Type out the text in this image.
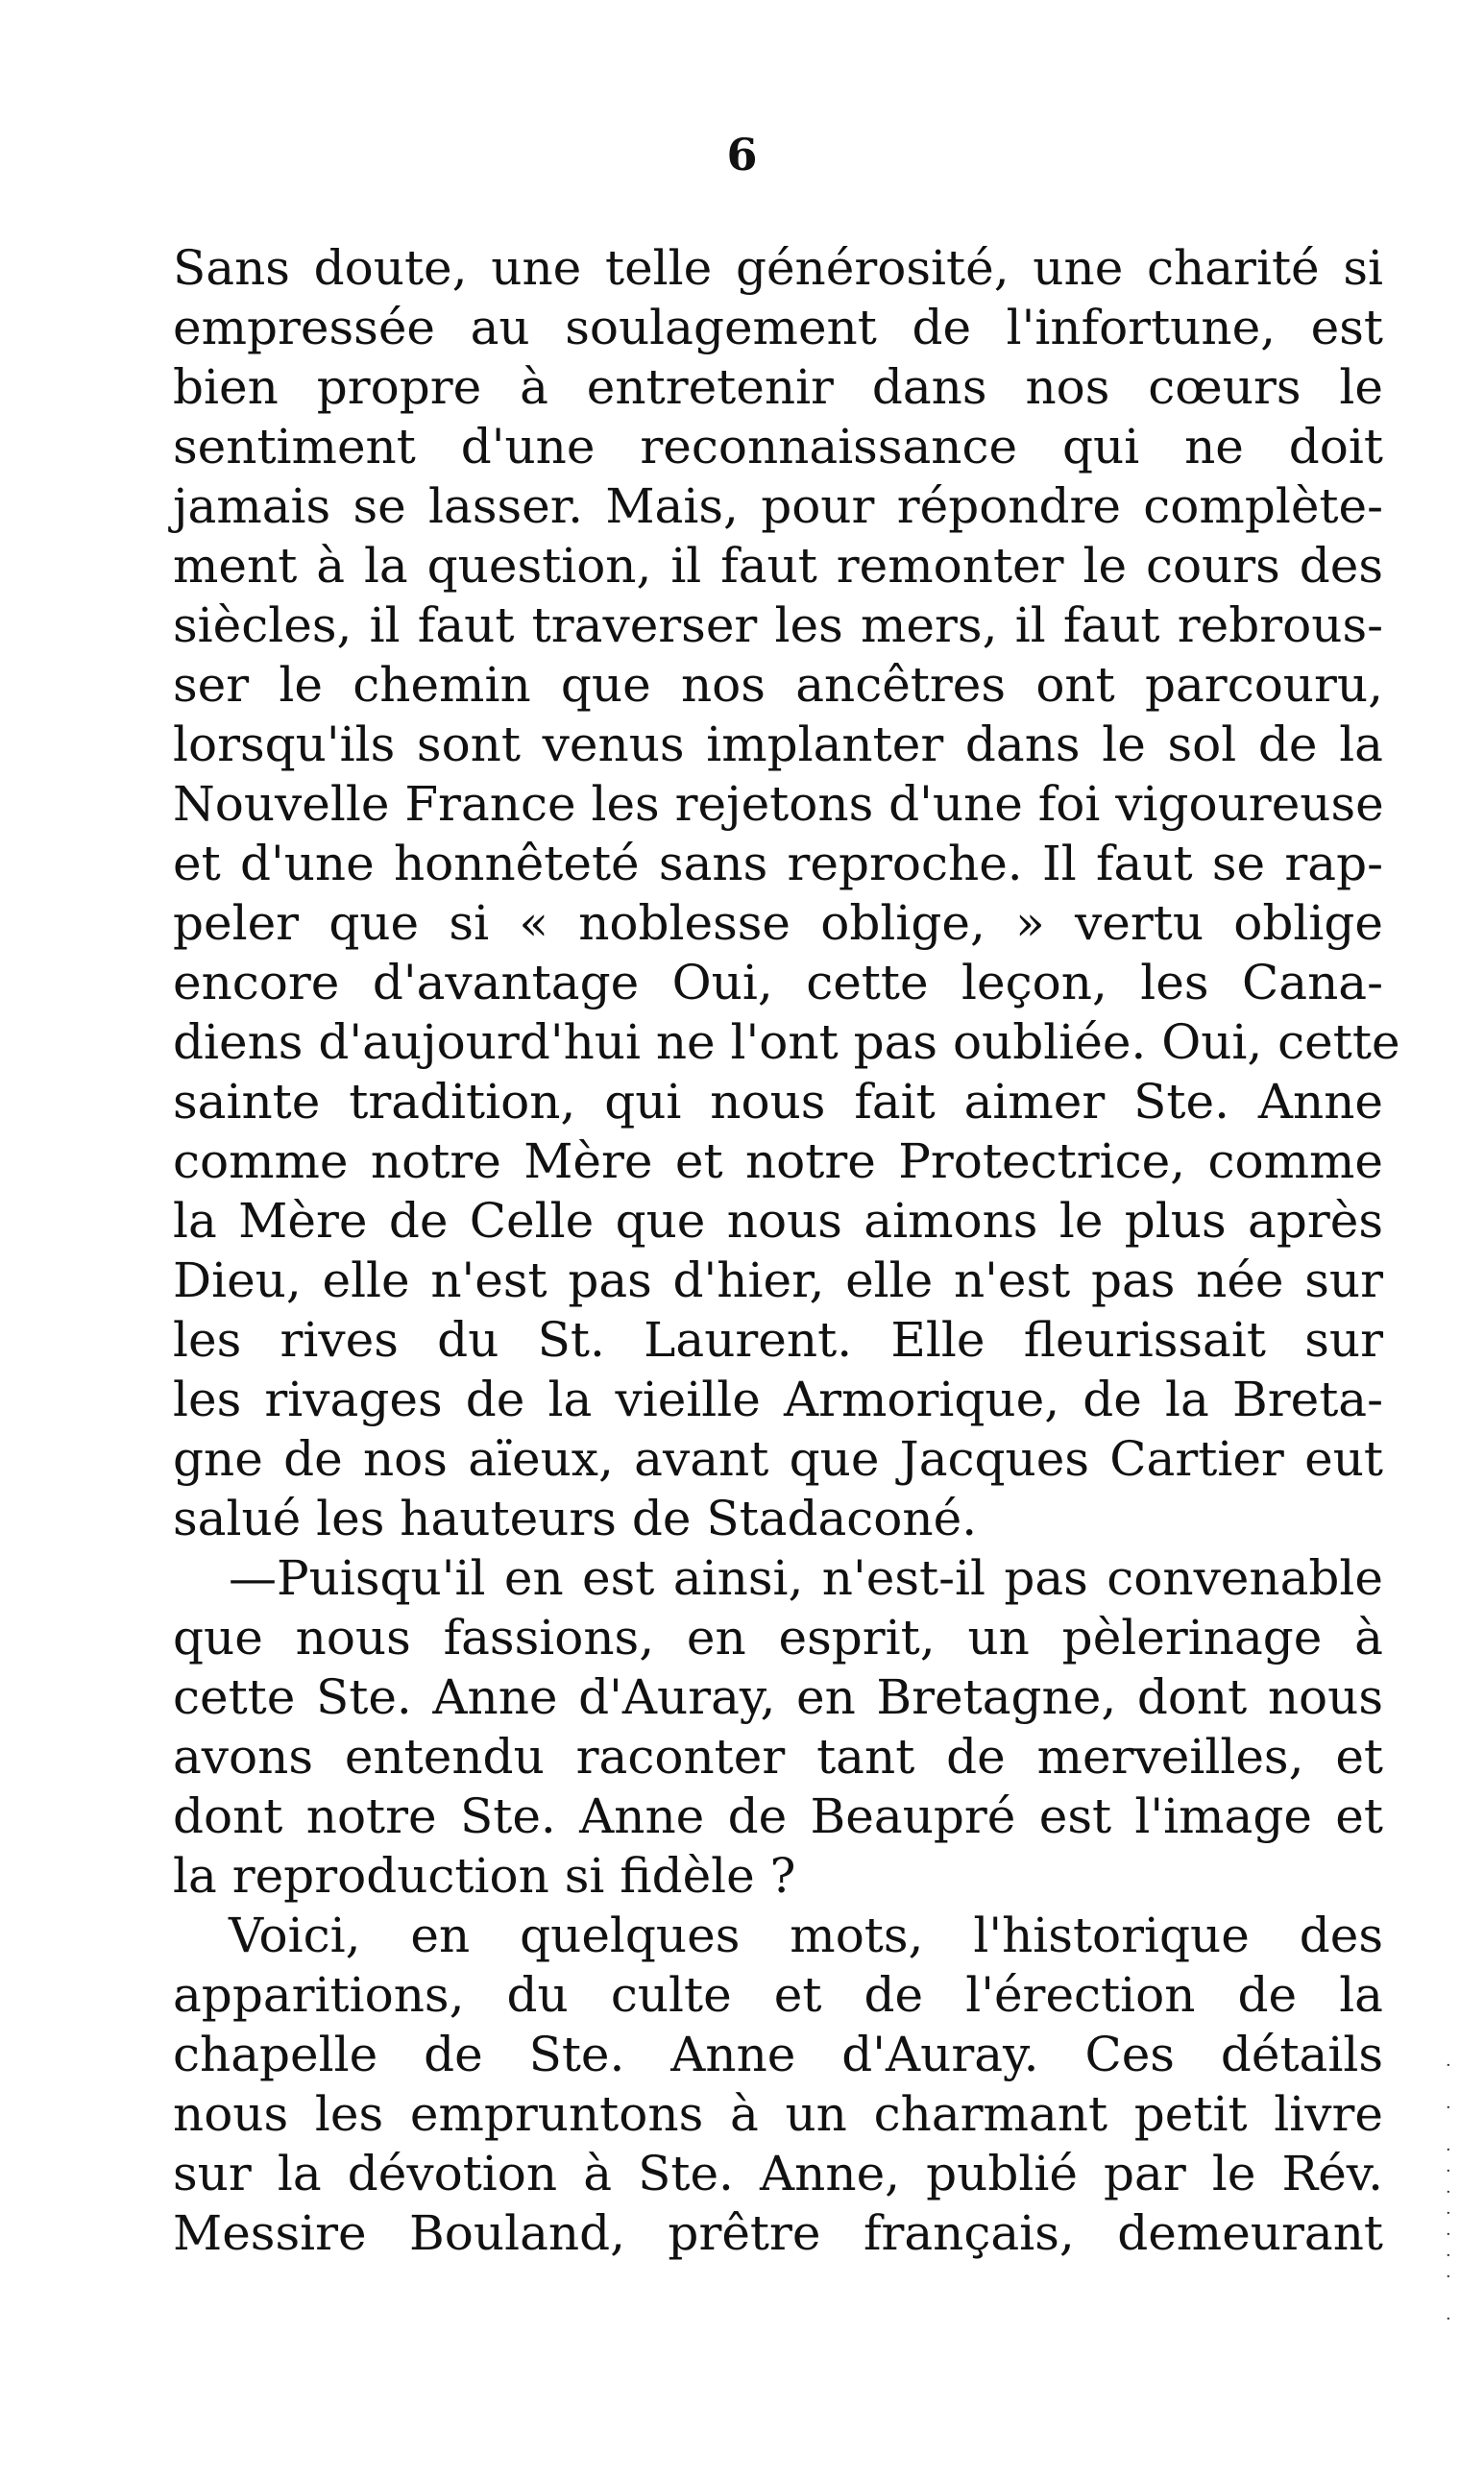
6
Sans doute, une telle générosité, une charité si
empressée au soulagement de l'infortune, est
bien propre à entretenir dans nos cœurs le
sentiment d'une reconnaissance qui ne doit
jamais se lasser. Mais, pour répondre complète-
ment à la question, il faut remonter le cours des
siècles, il faut traverser les mers, il faut rebrous-
ser le chemin que nos ancêtres ont parcouru,
lorsqu'ils sont venus implanter dans le sol de la
Nouvelle France les rejetons d'une foi vigoureuse
et d'une honnêteté sans reproche. Il faut se rap-
peler que si « noblesse oblige, » vertu oblige
encore d'avantage Oui, cette leçon, les Cana-
diens d'aujourd'hui ne l'ont pas oubliée. Oui, cette
sainte tradition, qui nous fait aimer Ste. Anne
comme notre Mère et notre Protectrice, comme
la Mère de Celle que nous aimons le plus après
Dieu, elle n'est pas d'hier, elle n'est pas née sur
les rives du St. Laurent. Elle fleurissait sur
les rivages de la vieille Armorique, de la Breta-
gne de nos aïeux, avant que Jacques Cartier eut
salué les hauteurs de Stadaconé.
—Puisqu'il en est ainsi, n'est-il pas convenable
que nous fassions, en esprit, un pèlerinage à
cette Ste. Anne d'Auray, en Bretagne, dont nous
avons entendu raconter tant de merveilles, et
dont notre Ste. Anne de Beaupré est l'image et
la reproduction si fidèle ?
Voici, en quelques mots, l'historique des
apparitions, du culte et de l'érection de la
chapelle de Ste. Anne d'Auray. Ces détails
nous les empruntons à un charmant petit livre
sur la dévotion à Ste. Anne, publié par le Rév.
Messire Bouland, prêtre français, demeurant
·

·

·
·
·
·
·
·
·

·
